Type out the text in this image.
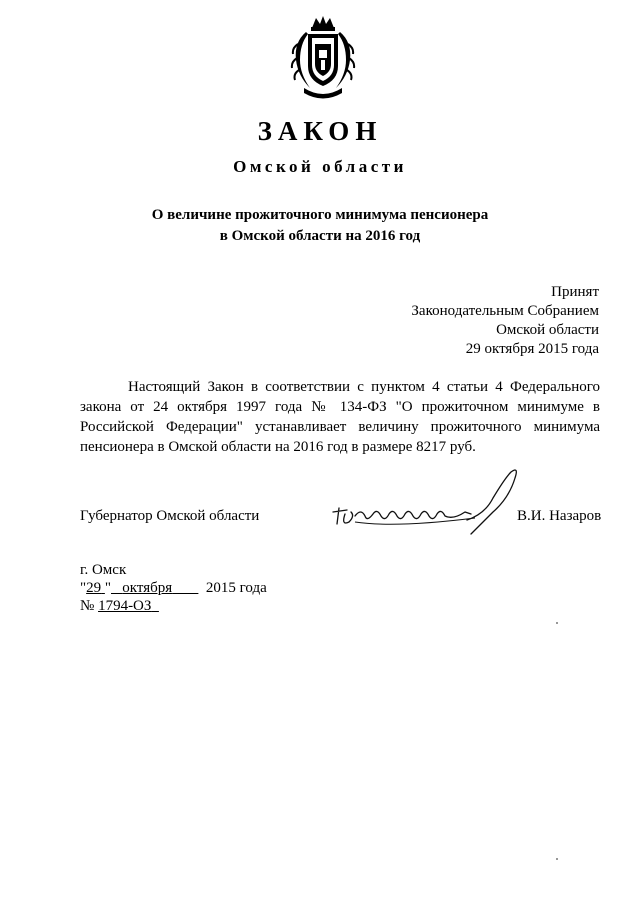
ЗАКОН
Омской области
О величине прожиточного минимума пенсионера
в Омской области на 2016 год
Принят
Законодательным Собранием
Омской области
29 октября 2015 года
Настоящий Закон в соответствии с пунктом 4 статьи 4 Федерального закона от 24 октября 1997 года № 134-ФЗ "О прожиточном минимуме в Российской Федерации" устанавливает величину прожиточного минимума пенсионера в Омской области на 2016 год в размере 8217 руб.
Губернатор Омской области	В.И. Назаров
г. Омск
"29 " октября 2015 года
№ 1794-ОЗ
